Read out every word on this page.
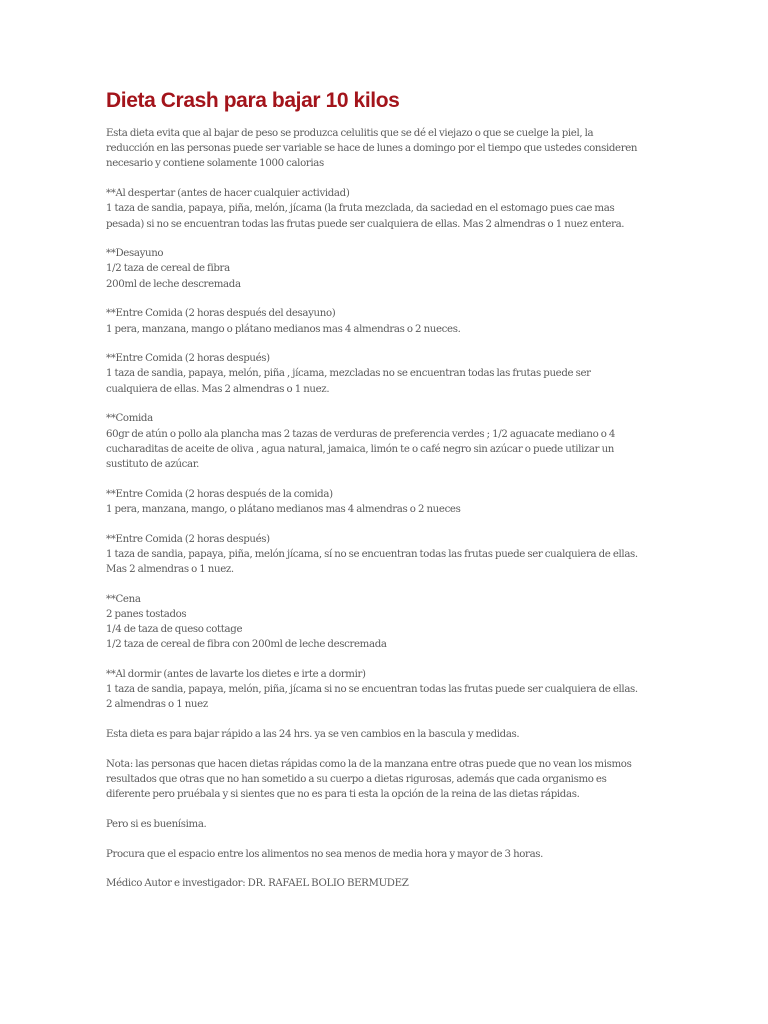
Dieta Crash para bajar 10 kilos

Esta dieta evita que al bajar de peso se produzca celulitis que se dé el viejazo o que se cuelge la piel, la
reducción en las personas puede ser variable se hace de lunes a domingo por el tiempo que ustedes consideren
necesario y contiene solamente 1000 calorias

**Al despertar (antes de hacer cualquier actividad)
1 taza de sandia, papaya, piña, melón, jícama (la fruta mezclada, da saciedad en el estomago pues cae mas
pesada) si no se encuentran todas las frutas puede ser cualquiera de ellas. Mas 2 almendras o 1 nuez entera.

**Desayuno
1/2 taza de cereal de fibra
200ml de leche descremada

**Entre Comida (2 horas después del desayuno)
1 pera, manzana, mango o plátano medianos mas 4 almendras o 2 nueces.

**Entre Comida (2 horas después)
1 taza de sandia, papaya, melón, piña , jícama, mezcladas no se encuentran todas las frutas puede ser
cualquiera de ellas. Mas 2 almendras o 1 nuez.

**Comida
60gr de atún o pollo ala plancha mas 2 tazas de verduras de preferencia verdes ; 1/2 aguacate mediano o 4
cucharaditas de aceite de oliva , agua natural, jamaica, limón te o café negro sin azúcar o puede utilizar un
sustituto de azúcar.

**Entre Comida (2 horas después de la comida)
1 pera, manzana, mango, o plátano medianos mas 4 almendras o 2 nueces

**Entre Comida (2 horas después)
1 taza de sandia, papaya, piña, melón jícama, sí no se encuentran todas las frutas puede ser cualquiera de ellas.
Mas 2 almendras o 1 nuez.

**Cena
2 panes tostados
1/4 de taza de queso cottage
1/2 taza de cereal de fibra con 200ml de leche descremada

**Al dormir (antes de lavarte los dietes e irte a dormir)
1 taza de sandia, papaya, melón, piña, jícama si no se encuentran todas las frutas puede ser cualquiera de ellas.
2 almendras o 1 nuez

Esta dieta es para bajar rápido a las 24 hrs. ya se ven cambios en la bascula y medidas.

Nota: las personas que hacen dietas rápidas como la de la manzana entre otras puede que no vean los mismos
resultados que otras que no han sometido a su cuerpo a dietas rigurosas, además que cada organismo es
diferente pero pruébala y si sientes que no es para ti esta la opción de la reina de las dietas rápidas.

Pero si es buenísima.

Procura que el espacio entre los alimentos no sea menos de media hora y mayor de 3 horas.

Médico Autor e investigador: DR. RAFAEL BOLIO BERMUDEZ
